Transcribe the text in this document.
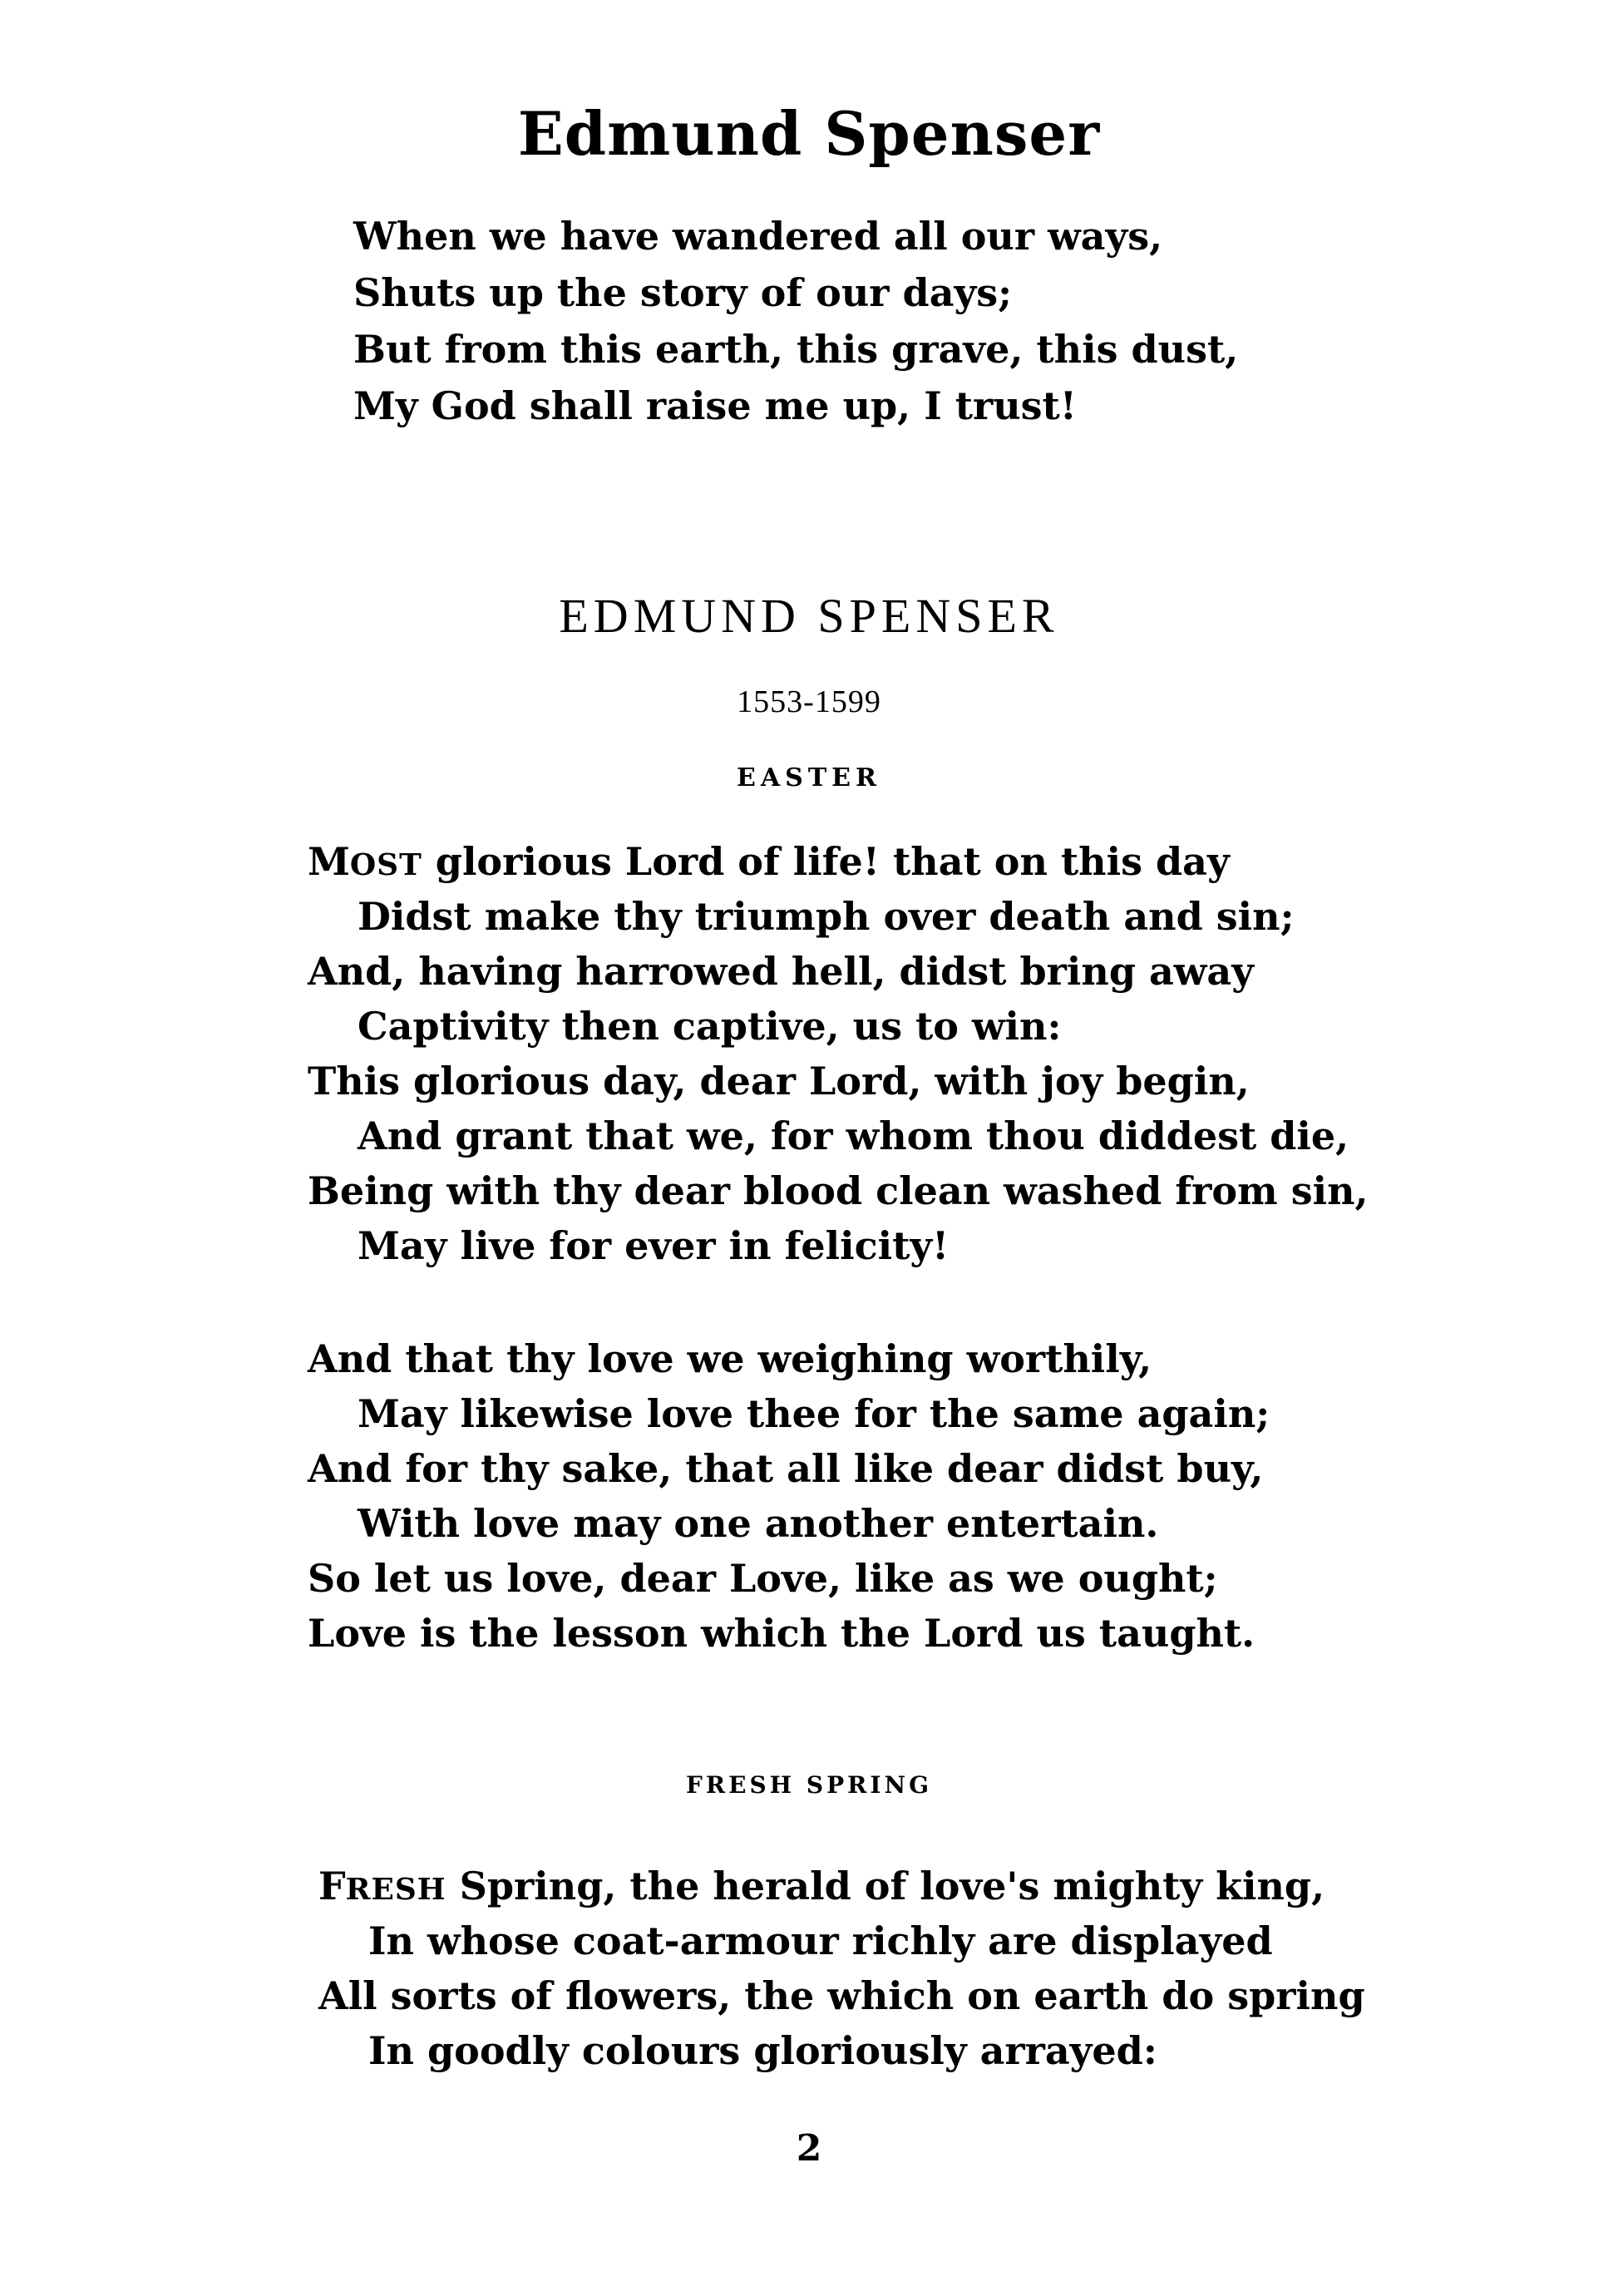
Edmund Spenser
When we have wandered all our ways,
Shuts up the story of our days;
But from this earth, this grave, this dust,
My God shall raise me up, I trust!
EDMUND SPENSER
1553-1599
EASTER
MOST glorious Lord of life! that on this day
Didst make thy triumph over death and sin;
And, having harrowed hell, didst bring away
Captivity then captive, us to win:
This glorious day, dear Lord, with joy begin,
And grant that we, for whom thou diddest die,
Being with thy dear blood clean washed from sin,
May live for ever in felicity!
And that thy love we weighing worthily,
May likewise love thee for the same again;
And for thy sake, that all like dear didst buy,
With love may one another entertain.
So let us love, dear Love, like as we ought;
Love is the lesson which the Lord us taught.
FRESH SPRING
FRESH Spring, the herald of love's mighty king,
In whose coat-armour richly are displayed
All sorts of flowers, the which on earth do spring
In goodly colours gloriously arrayed:
2
